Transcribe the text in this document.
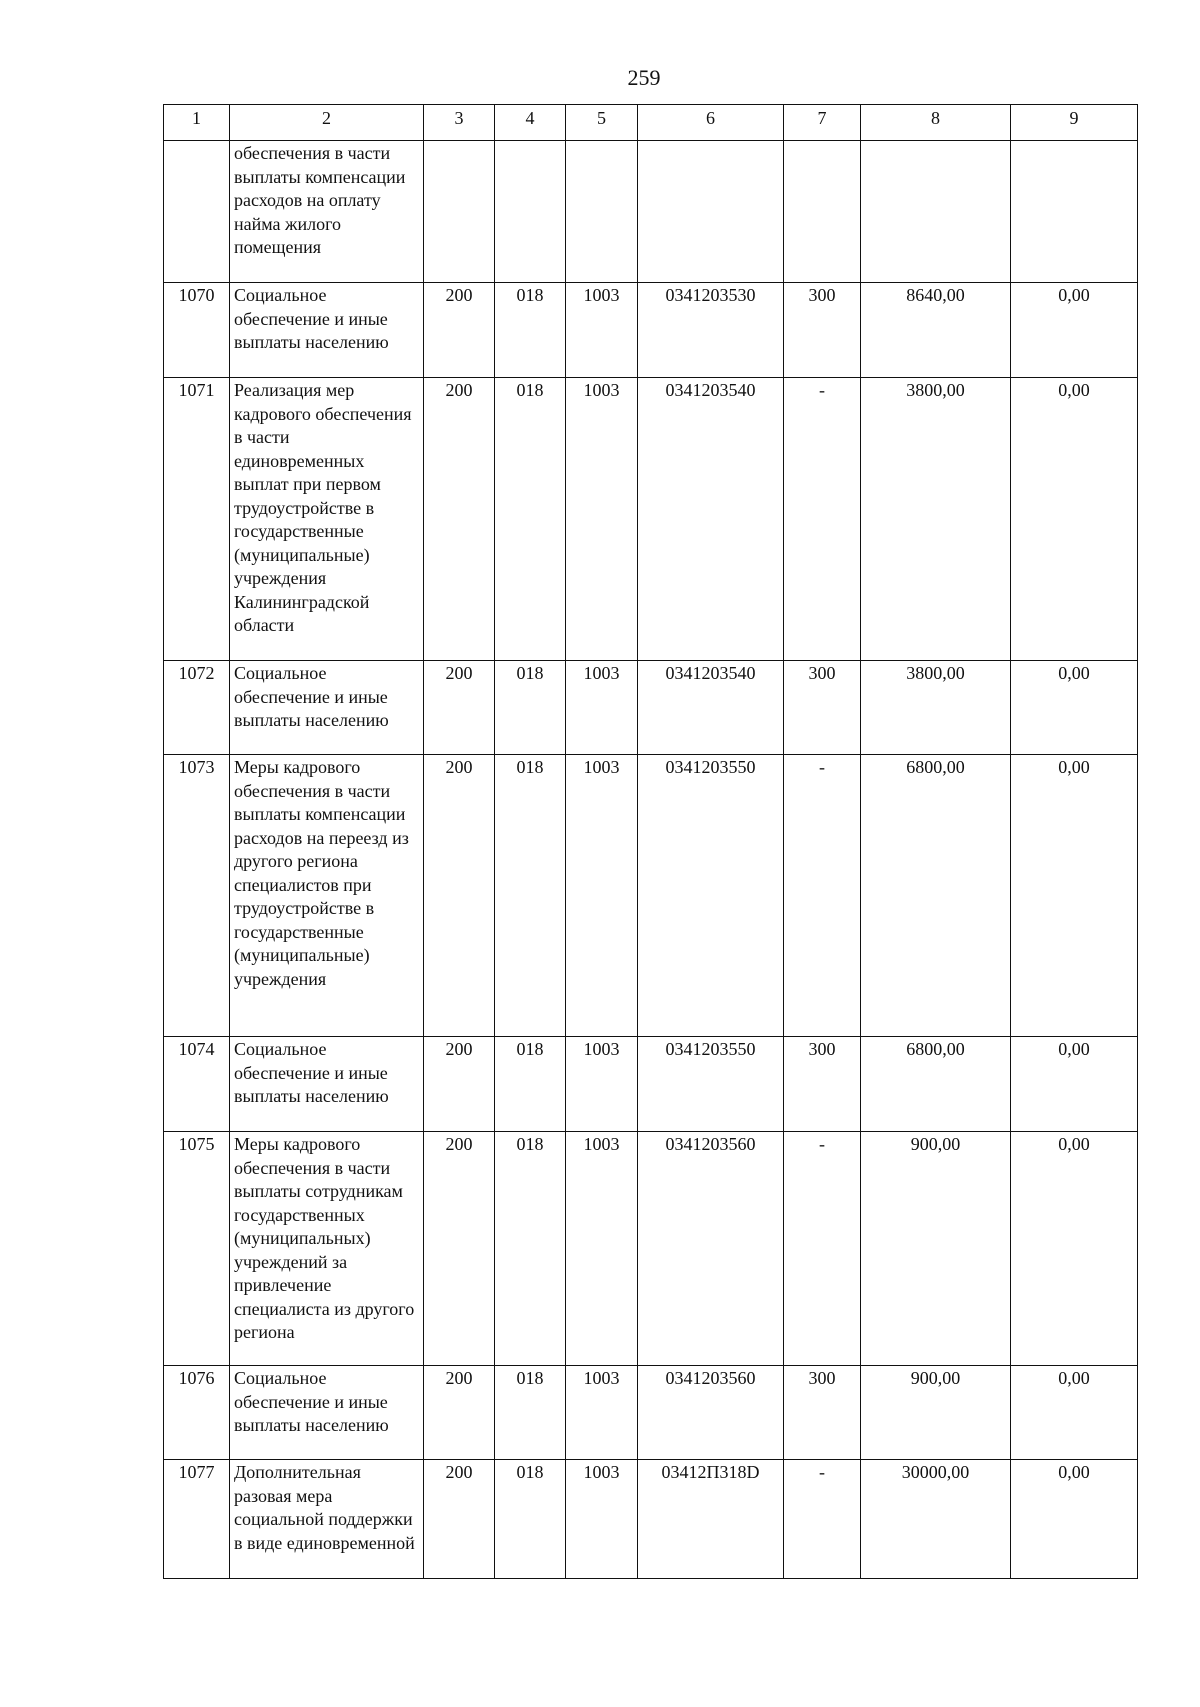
259
1	2	3	4	5	6	7	8	9
	обеспечения в части выплаты компенсации расходов на оплату найма жилого помещения							
1070	Социальное обеспечение и иные выплаты населению	200	018	1003	0341203530	300	8640,00	0,00
1071	Реализация мер кадрового обеспечения в части единовременных выплат при первом трудоустройстве в государственные (муниципальные) учреждения Калининградской области	200	018	1003	0341203540	-	3800,00	0,00
1072	Социальное обеспечение и иные выплаты населению	200	018	1003	0341203540	300	3800,00	0,00
1073	Меры кадрового обеспечения в части выплаты компенсации расходов на переезд из другого региона специалистов при трудоустройстве в государственные (муниципальные) учреждения	200	018	1003	0341203550	-	6800,00	0,00
1074	Социальное обеспечение и иные выплаты населению	200	018	1003	0341203550	300	6800,00	0,00
1075	Меры кадрового обеспечения в части выплаты сотрудникам государственных (муниципальных) учреждений за привлечение специалиста из другого региона	200	018	1003	0341203560	-	900,00	0,00
1076	Социальное обеспечение и иные выплаты населению	200	018	1003	0341203560	300	900,00	0,00
1077	Дополнительная разовая мера социальной поддержки в виде единовременной	200	018	1003	03412П318D	-	30000,00	0,00
